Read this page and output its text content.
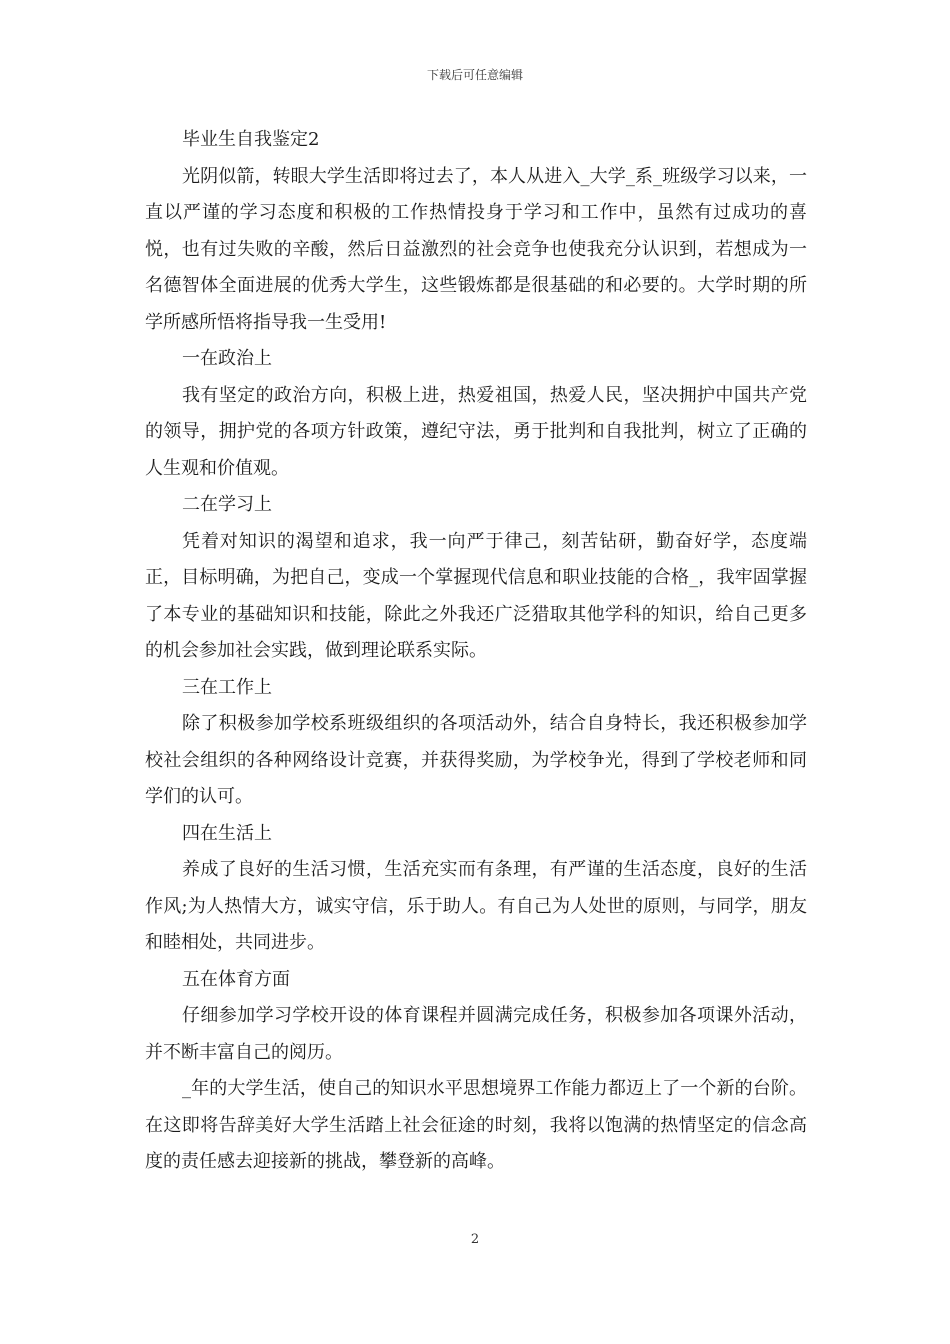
下载后可任意编辑

毕业生自我鉴定2

光阴似箭，转眼大学生活即将过去了，本人从进入_大学_系_班级学习以来，一直以严谨的学习态度和积极的工作热情投身于学习和工作中，虽然有过成功的喜悦，也有过失败的辛酸，然后日益激烈的社会竞争也使我充分认识到，若想成为一名德智体全面进展的优秀大学生，这些锻炼都是很基础的和必要的。大学时期的所学所感所悟将指导我一生受用!

一在政治上

我有坚定的政治方向，积极上进，热爱祖国，热爱人民，坚决拥护中国共产党的领导，拥护党的各项方针政策，遵纪守法，勇于批判和自我批判，树立了正确的人生观和价值观。

二在学习上

凭着对知识的渴望和追求，我一向严于律己，刻苦钻研，勤奋好学，态度端正，目标明确，为把自己，变成一个掌握现代信息和职业技能的合格_，我牢固掌握了本专业的基础知识和技能，除此之外我还广泛猎取其他学科的知识，给自己更多的机会参加社会实践，做到理论联系实际。

三在工作上

除了积极参加学校系班级组织的各项活动外，结合自身特长，我还积极参加学校社会组织的各种网络设计竞赛，并获得奖励，为学校争光，得到了学校老师和同学们的认可。

四在生活上

养成了良好的生活习惯，生活充实而有条理，有严谨的生活态度，良好的生活作风;为人热情大方，诚实守信，乐于助人。有自己为人处世的原则，与同学，朋友和睦相处，共同进步。

五在体育方面

仔细参加学习学校开设的体育课程并圆满完成任务，积极参加各项课外活动，并不断丰富自己的阅历。

_年的大学生活，使自己的知识水平思想境界工作能力都迈上了一个新的台阶。在这即将告辞美好大学生活踏上社会征途的时刻，我将以饱满的热情坚定的信念高度的责任感去迎接新的挑战，攀登新的高峰。

2
